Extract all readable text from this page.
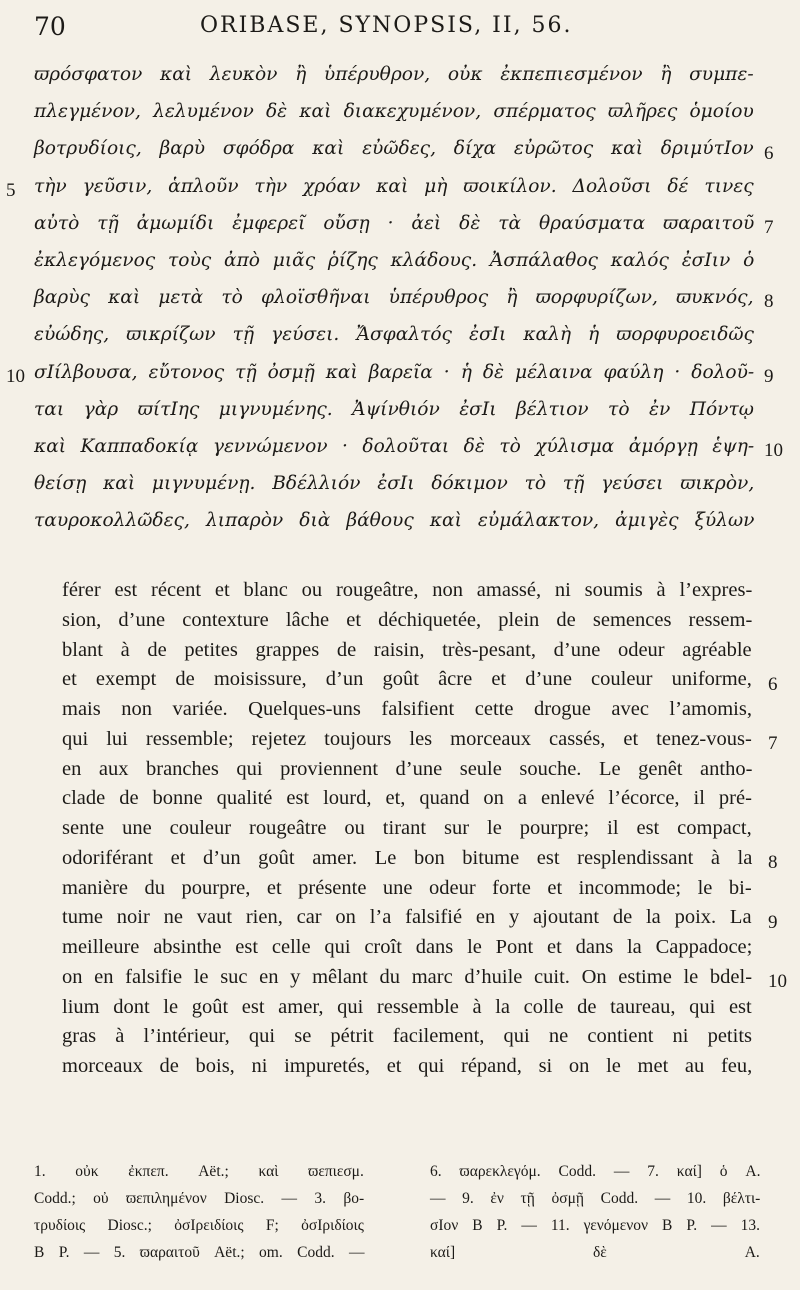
70	ORIBASE, SYNOPSIS, II, 56.
ϖρόσφατον καὶ λευκὸν ἢ ὑπέρυθρον, οὐκ ἐκπεπιεσμένον ἢ συμπε-
πλεγμένον, λελυμένον δὲ καὶ διακεχυμένον, σπέρματος ϖλῆρες ὁμοίου
βοτρυδίοις, βαρὺ σφόδρα καὶ εὐῶδες, δίχα εὐρῶτος καὶ δριμύτΙον
τὴν γεῦσιν, ἁπλοῦν τὴν χρόαν καὶ μὴ ϖοικίλον. Δολοῦσι δέ τινες
αὐτὸ τῇ ἀμωμίδι ἐμφερεῖ οὔσῃ · ἀεὶ δὲ τὰ θραύσματα ϖαραιτοῦ
ἐκλεγόμενος τοὺς ἀπὸ μιᾶς ῥίζης κλάδους. Ἀσπάλαθος καλός ἐσΙιν ὁ
βαρὺς καὶ μετὰ τὸ φλοϊσθῆναι ὑπέρυθρος ἢ ϖορφυρίζων, ϖυκνός,
εὐώδης, ϖικρίζων τῇ γεύσει. Ἄσφαλτός ἐσΙι καλὴ ἡ ϖορφυροειδῶς
σΙίλβουσα, εὔτονος τῇ ὀσμῇ καὶ βαρεῖα · ἡ δὲ μέλαινα φαύλη · δολοῦ-
ται γὰρ ϖίτΙης μιγνυμένης. Ἀψίνθιόν ἐσΙι βέλτιον τὸ ἐν Πόντῳ
καὶ Καππαδοκίᾳ γεννώμενον · δολοῦται δὲ τὸ χύλισμα ἀμόργῃ ἑψη-
θείσῃ καὶ μιγνυμένῃ. Βδέλλιόν ἐσΙι δόκιμον τὸ τῇ γεύσει ϖικρὸν,
ταυροκολλῶδες, λιπαρὸν διὰ βάθους καὶ εὐμάλακτον, ἀμιγὲς ξύλων
5
10
6
7
8
9
10
férer est récent et blanc ou rougeâtre, non amassé, ni soumis à l’expres-
sion, d’une contexture lâche et déchiquetée, plein de semences ressem-
blant à de petites grappes de raisin, très-pesant, d’une odeur agréable
et exempt de moisissure, d’un goût âcre et d’une couleur uniforme,
mais non variée. Quelques-uns falsifient cette drogue avec l’amomis,
qui lui ressemble; rejetez toujours les morceaux cassés, et tenez-vous-
en aux branches qui proviennent d’une seule souche. Le genêt antho-
clade de bonne qualité est lourd, et, quand on a enlevé l’écorce, il pré-
sente une couleur rougeâtre ou tirant sur le pourpre; il est compact,
odoriférant et d’un goût amer. Le bon bitume est resplendissant à la
manière du pourpre, et présente une odeur forte et incommode; le bi-
tume noir ne vaut rien, car on l’a falsifié en y ajoutant de la poix. La
meilleure absinthe est celle qui croît dans le Pont et dans la Cappadoce;
on en falsifie le suc en y mêlant du marc d’huile cuit. On estime le bdel-
lium dont le goût est amer, qui ressemble à la colle de taureau, qui est
gras à l’intérieur, qui se pétrit facilement, qui ne contient ni petits
morceaux de bois, ni impuretés, et qui répand, si on le met au feu,
6
7
8
9
10
1. οὐκ ἐκπεπ. Aët.; καὶ ϖεπιεσμ.
Codd.; οὐ ϖεπιλημένον Diosc. — 3. βο-
τρυδίοις Diosc.; ὀσΙρειδίοις F; ὀσΙριδίοις
B P. — 5. ϖαραιτοῦ Aët.; om. Codd. —
6. ϖαρεκλεγόμ. Codd. — 7. καί] ὁ A.
— 9. ἐν τῇ ὀσμῇ Codd. — 10. βέλτι-
σΙον B P. — 11. γενόμενον B P. — 13.
καί] δὲ A.
